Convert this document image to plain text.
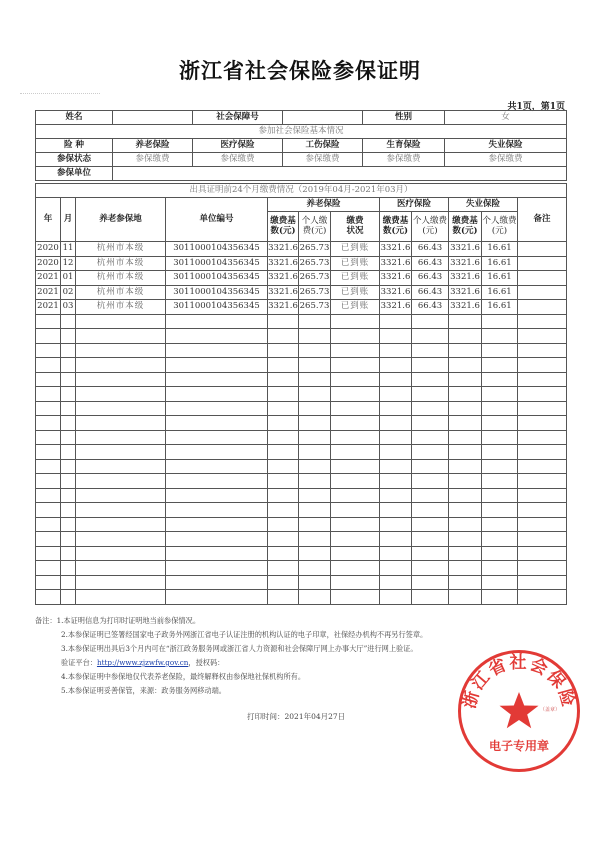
浙江省社会保险参保证明
共1页，第1页
姓名		社会保障号		性别	女
参加社会保险基本情况					
险 种	养老保险	医疗保险	工伤保险	生育保险	失业保险
参保状态	参保缴费	参保缴费	参保缴费	参保缴费	参保缴费
参保单位					
出具证明前24个月缴费情况（2019年04月-2021年03月）											
年	月	养老参保地	单位编号	养老保险			医疗保险		失业保险		备注
				缴费基数(元)	个人缴费(元)	缴费状况	缴费基数(元)	个人缴费(元)	缴费基数(元)	个人缴费(元)	
2020	11	杭州市本级	3011000104356345	3321.6	265.73	已到账	3321.6	66.43	3321.6	16.61	
2020	12	杭州市本级	3011000104356345	3321.6	265.73	已到账	3321.6	66.43	3321.6	16.61	
2021	01	杭州市本级	3011000104356345	3321.6	265.73	已到账	3321.6	66.43	3321.6	16.61	
2021	02	杭州市本级	3011000104356345	3321.6	265.73	已到账	3321.6	66.43	3321.6	16.61	
2021	03	杭州市本级	3011000104356345	3321.6	265.73	已到账	3321.6	66.43	3321.6	16.61	

备注：1.本证明信息为打印时证明地当前参保情况。
2.本参保证明已签署经国家电子政务外网浙江省电子认证注册的机构认证的电子印章，社保经办机构不再另行签章。
3.本参保证明出具后3个月内可在“浙江政务服务网或浙江省人力资源和社会保障厅网上办事大厅”进行网上验证。
验证平台：http://www.zjzwfw.gov.cn，授权码：
4.本参保证明中参保地仅代表养老保险，最终解释权由参保地社保机构所有。
5.本参保证明妥善保管，来源：政务服务网移动端。
打印时间：2021年04月27日
浙江省社会保险
（盖章）
电子专用章
